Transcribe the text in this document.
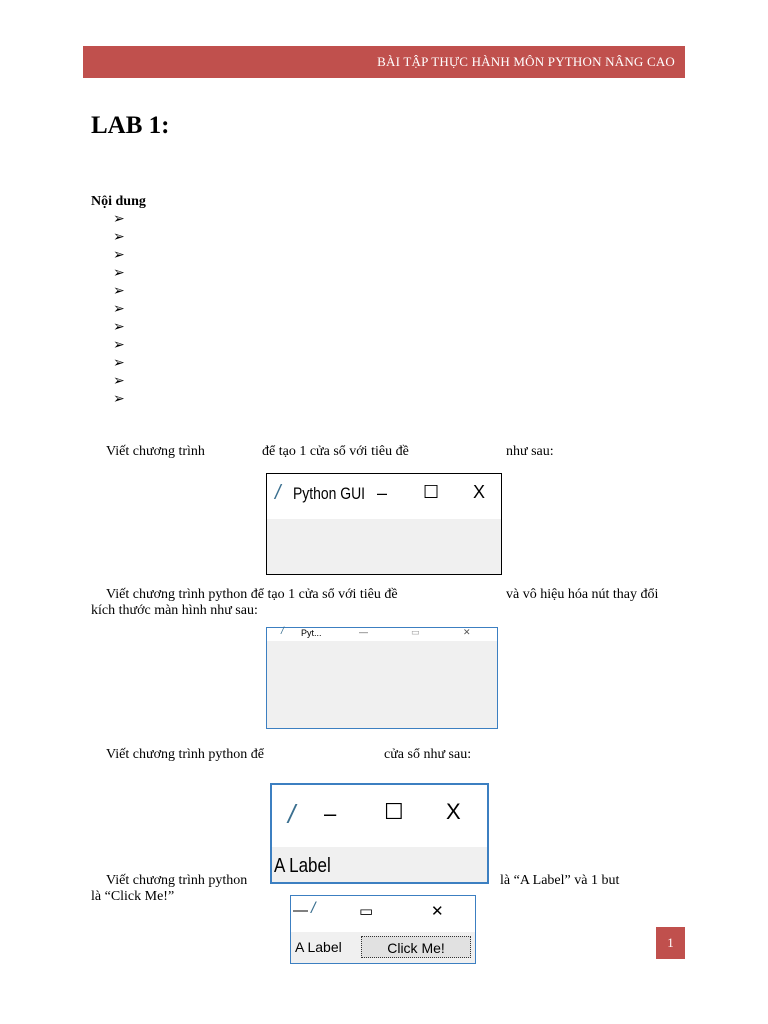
BÀI TẬP THỰC HÀNH MÔN PYTHON NÂNG CAO
LAB 1:
Nội dung
➢
➢
➢
➢
➢
➢
➢
➢
➢
➢
➢
Viết chương trình	để tạo 1 cửa sổ với tiêu đề	như sau:
/ Python GUI – ☐ X
Viết chương trình python để tạo 1 cửa sổ với tiêu đề	và vô hiệu hóa nút thay đổi
kích thước màn hình như sau:
/ Pyt...	—	▭	✕
Viết chương trình python để	cửa sổ như sau:
/ – ☐ X
A Label
Viết chương trình python	là “A Label” và 1 but
là “Click Me!”
— /	▭	✕
A Label	Click Me!	1
